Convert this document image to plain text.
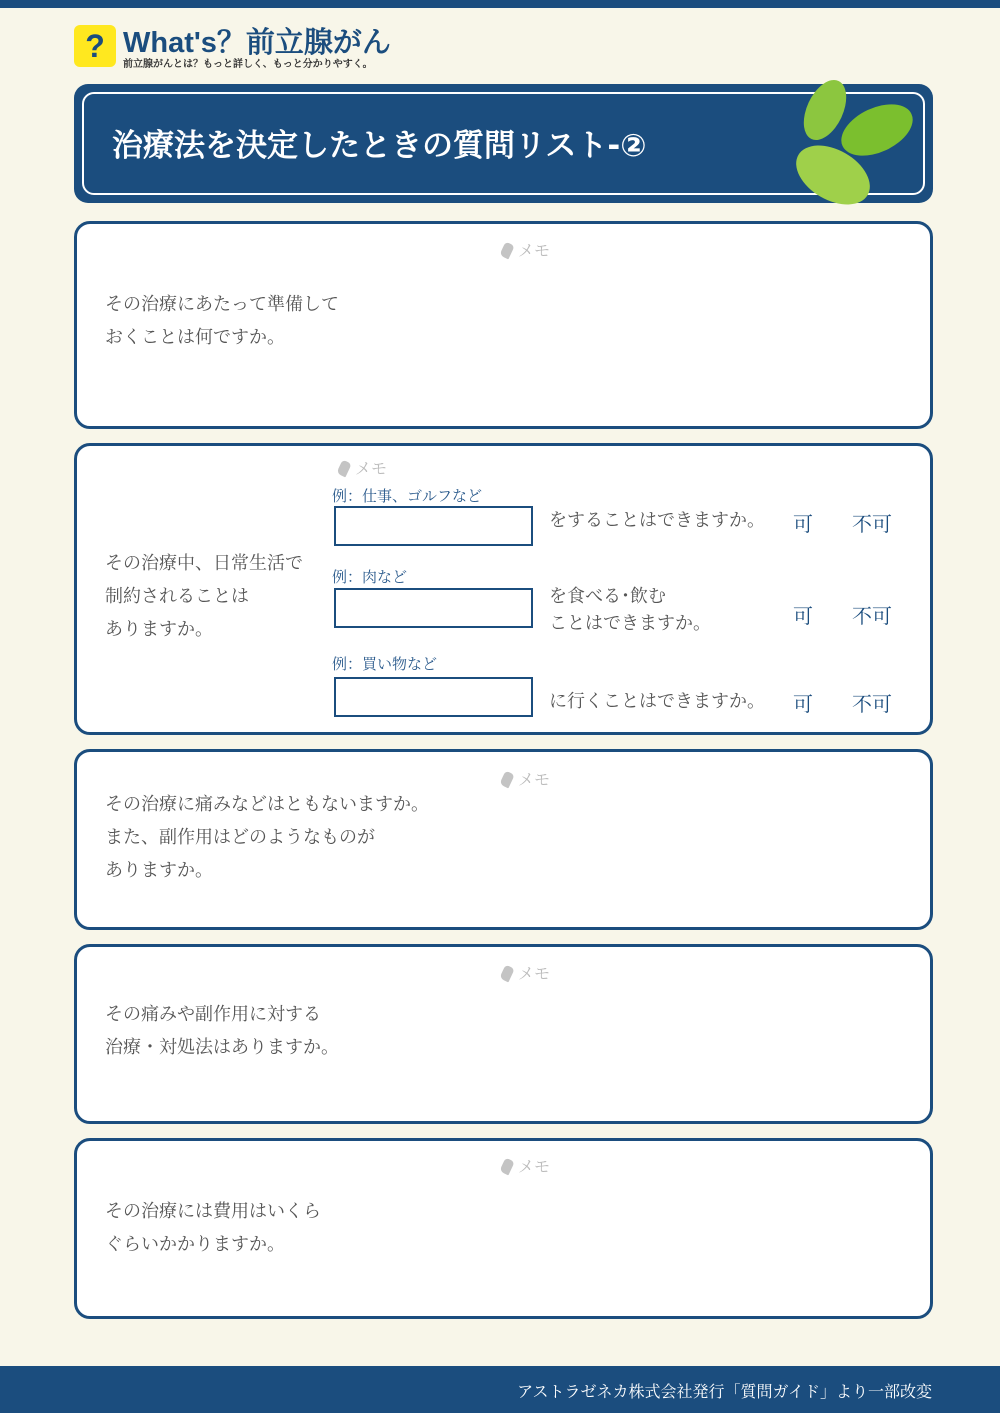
? What's？前立腺がん
前立腺がんとは？もっと詳しく、もっと分かりやすく。
治療法を決定したときの質問リスト-②
メモ
その治療にあたって準備して
おくことは何ですか。
メモ
その治療中、日常生活で
制約されることは
ありますか。
例：仕事、ゴルフなど
をすることはできますか。 可 不可
例：肉など
を食べる･飲む
ことはできますか。	可 不可
例：買い物など
に行くことはできますか。 可 不可
メモ
その治療に痛みなどはともないますか。
また、副作用はどのようなものが
ありますか。
メモ
その痛みや副作用に対する
治療・対処法はありますか。
メモ
その治療には費用はいくら
ぐらいかかりますか。
アストラゼネカ株式会社発行「質問ガイド」より一部改変
